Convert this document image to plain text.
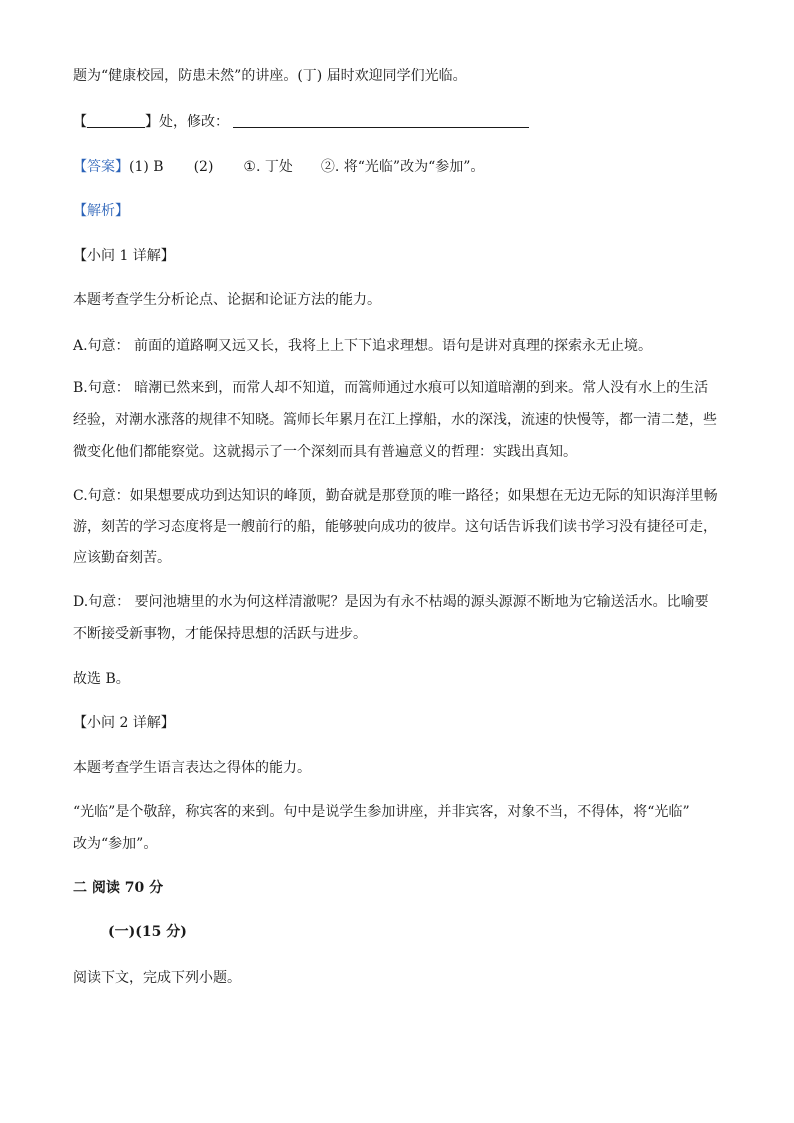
题为“健康校园，防患未然”的讲座。(丁) 届时欢迎同学们光临。
【	】处，修改：
【答案】(1) B (2) ①. 丁处 ②. 将“光临”改为“参加”。
【解析】
【小问 1 详解】
本题考查学生分析论点、论据和论证方法的能力。
A.句意： 前面的道路啊又远又长，我将上上下下追求理想。语句是讲对真理的探索永无止境。
B.句意： 暗潮已然来到，而常人却不知道，而篙师通过水痕可以知道暗潮的到来。常人没有水上的生活
经验，对潮水涨落的规律不知晓。篙师长年累月在江上撑船，水的深浅，流速的快慢等，都一清二楚，些
微变化他们都能察觉。这就揭示了一个深刻而具有普遍意义的哲理：实践出真知。
C.句意：如果想要成功到达知识的峰顶，勤奋就是那登顶的唯一路径；如果想在无边无际的知识海洋里畅
游，刻苦的学习态度将是一艘前行的船，能够驶向成功的彼岸。这句话告诉我们读书学习没有捷径可走，
应该勤奋刻苦。
D.句意： 要问池塘里的水为何这样清澈呢？是因为有永不枯竭的源头源源不断地为它输送活水。比喻要
不断接受新事物，才能保持思想的活跃与进步。
故选 B。
【小问 2 详解】
本题考查学生语言表达之得体的能力。
“光临”是个敬辞，称宾客的来到。句中是说学生参加讲座，并非宾客，对象不当，不得体，将“光临”
改为“参加”。
二 阅读 70 分
(一)(15 分)
阅读下文，完成下列小题。
